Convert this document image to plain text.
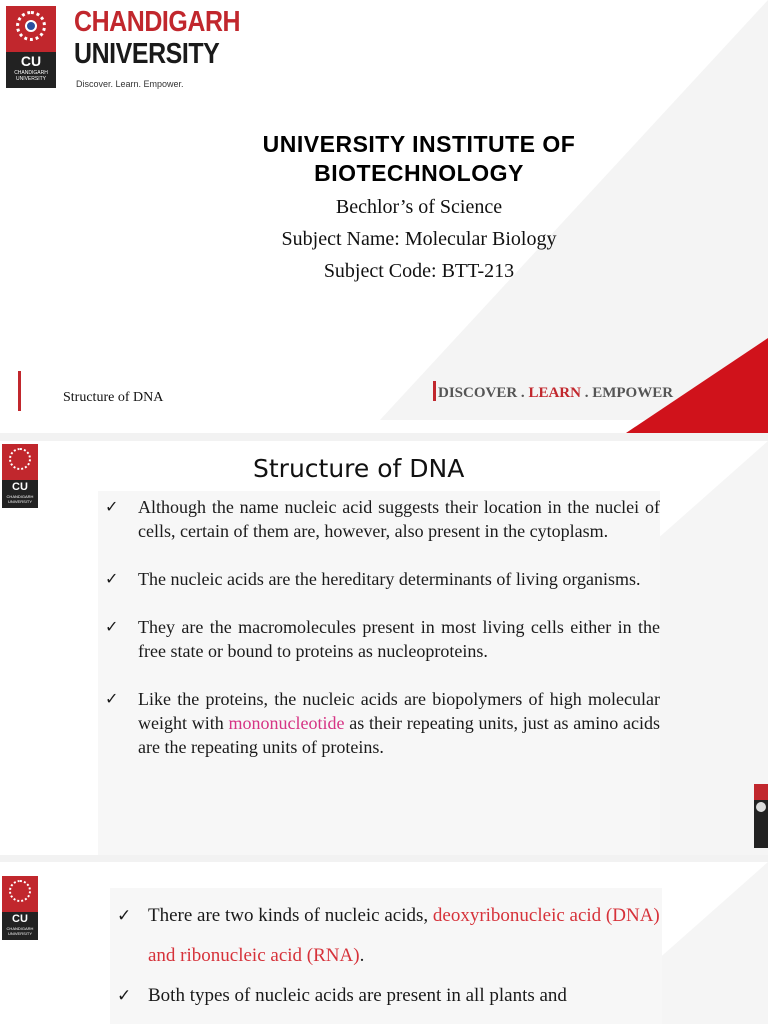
CU
CHANDIGARH UNIVERSITY
CHANDIGARH
UNIVERSITY
Discover. Learn. Empower.
UNIVERSITY INSTITUTE OF
BIOTECHNOLOGY
Bechlor’s of Science
Subject Name: Molecular Biology
Subject Code: BTT-213
Structure of DNA	DISCOVER . LEARN . EMPOWER
CU
CHANDIGARH UNIVERSITY
Structure of DNA
✓ Although the name nucleic acid suggests their location in the nuclei of cells, certain of them are, however, also present in the cytoplasm.
✓ The nucleic acids are the hereditary determinants of living organisms.
✓ They are the macromolecules present in most living cells either in the free state or bound to proteins as nucleoproteins.
✓ Like the proteins, the nucleic acids are biopolymers of high molecular weight with mononucleotide as their repeating units, just as amino acids are the repeating units of proteins.
CU
CHANDIGARH UNIVERSITY
✓ There are two kinds of nucleic acids, deoxyribonucleic acid (DNA) and ribonucleic acid (RNA).
✓ Both types of nucleic acids are present in all plants and
